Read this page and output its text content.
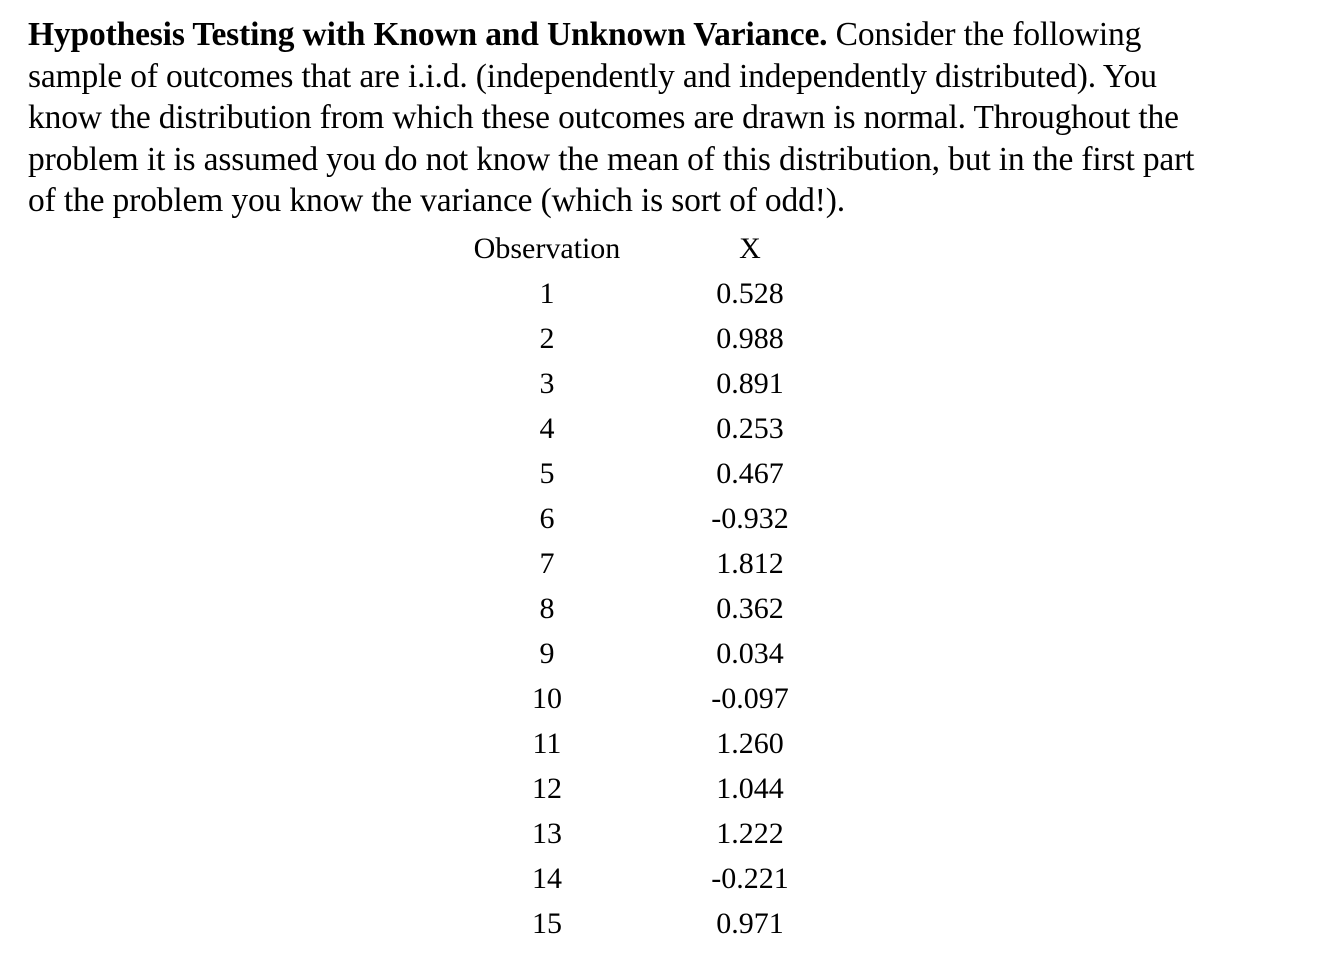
Hypothesis Testing with Known and Unknown Variance. Consider the following
sample of outcomes that are i.i.d. (independently and independently distributed). You
know the distribution from which these outcomes are drawn is normal. Throughout the
problem it is assumed you do not know the mean of this distribution, but in the first part
of the problem you know the variance (which is sort of odd!).
Observation	X
1	0.528
2	0.988
3	0.891
4	0.253
5	0.467
6	-0.932
7	1.812
8	0.362
9	0.034
10	-0.097
11	1.260
12	1.044
13	1.222
14	-0.221
15	0.971
